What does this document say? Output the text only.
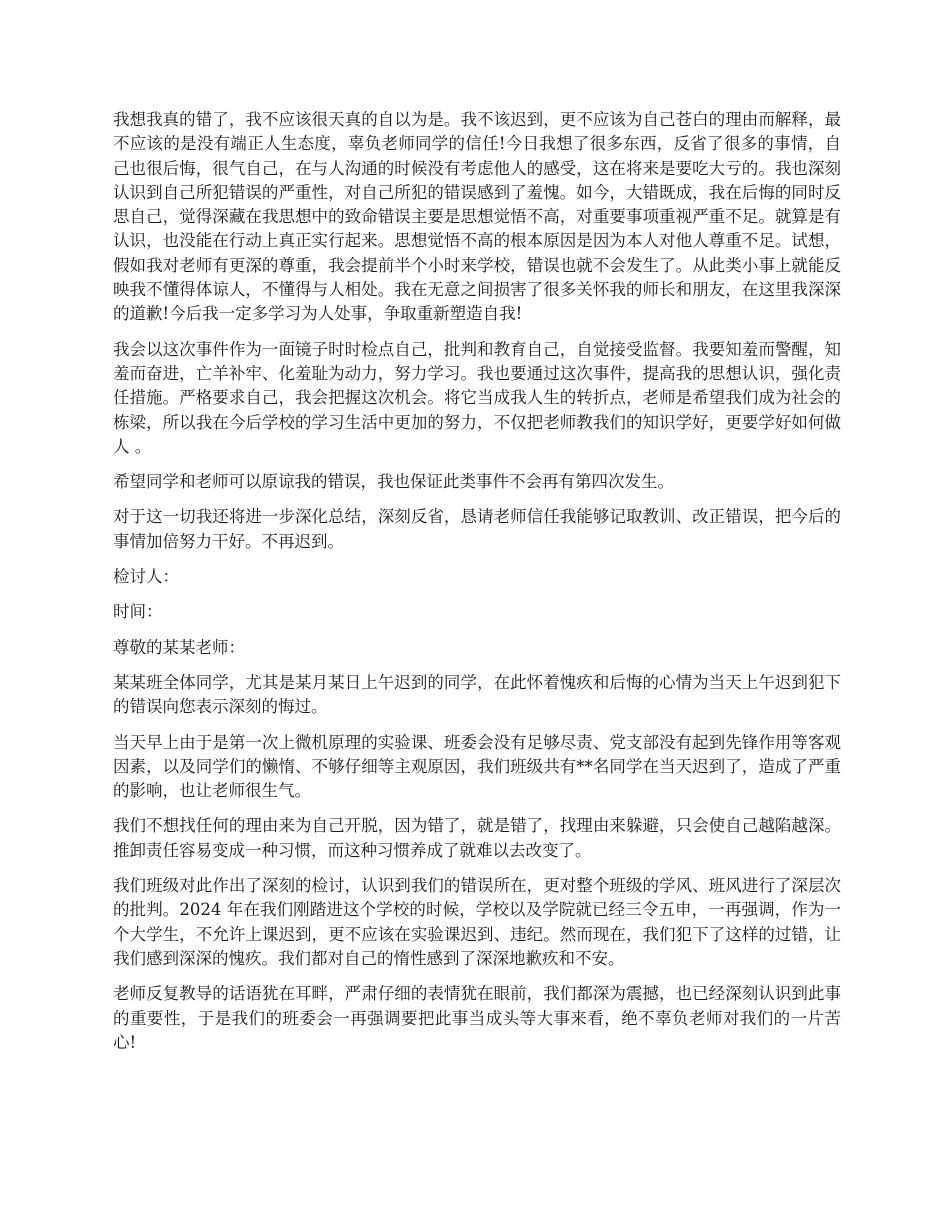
我想我真的错了，我不应该很天真的自以为是。我不该迟到，更不应该为自己苍白的理由而解释，最不应该的是没有端正人生态度，辜负老师同学的信任!今日我想了很多东西，反省了很多的事情，自己也很后悔，很气自己，在与人沟通的时候没有考虑他人的感受，这在将来是要吃大亏的。我也深刻认识到自己所犯错误的严重性，对自己所犯的错误感到了羞愧。如今，大错既成，我在后悔的同时反思自己，觉得深藏在我思想中的致命错误主要是思想觉悟不高，对重要事项重视严重不足。就算是有认识，也没能在行动上真正实行起来。思想觉悟不高的根本原因是因为本人对他人尊重不足。试想，假如我对老师有更深的尊重，我会提前半个小时来学校，错误也就不会发生了。从此类小事上就能反映我不懂得体谅人，不懂得与人相处。我在无意之间损害了很多关怀我的师长和朋友，在这里我深深的道歉!今后我一定多学习为人处事，争取重新塑造自我!

我会以这次事件作为一面镜子时时检点自己，批判和教育自己，自觉接受监督。我要知羞而警醒，知羞而奋进，亡羊补牢、化羞耻为动力，努力学习。我也要通过这次事件，提高我的思想认识，强化责任措施。严格要求自己，我会把握这次机会。将它当成我人生的转折点，老师是希望我们成为社会的栋梁，所以我在今后学校的学习生活中更加的努力，不仅把老师教我们的知识学好，更要学好如何做人 。

希望同学和老师可以原谅我的错误，我也保证此类事件不会再有第四次发生。

对于这一切我还将进一步深化总结，深刻反省，恳请老师信任我能够记取教训、改正错误，把今后的事情加倍努力干好。不再迟到。

检讨人：

时间：

尊敬的某某老师：

某某班全体同学，尤其是某月某日上午迟到的同学，在此怀着愧疚和后悔的心情为当天上午迟到犯下的错误向您表示深刻的悔过。

当天早上由于是第一次上微机原理的实验课、班委会没有足够尽责、党支部没有起到先锋作用等客观因素，以及同学们的懒惰、不够仔细等主观原因，我们班级共有**名同学在当天迟到了，造成了严重的影响，也让老师很生气。

我们不想找任何的理由来为自己开脱，因为错了，就是错了，找理由来躲避，只会使自己越陷越深。推卸责任容易变成一种习惯，而这种习惯养成了就难以去改变了。

我们班级对此作出了深刻的检讨，认识到我们的错误所在，更对整个班级的学风、班风进行了深层次的批判。2024 年在我们刚踏进这个学校的时候，学校以及学院就已经三令五申，一再强调，作为一个大学生，不允许上课迟到，更不应该在实验课迟到、违纪。然而现在，我们犯下了这样的过错，让我们感到深深的愧疚。我们都对自己的惰性感到了深深地歉疚和不安。

老师反复教导的话语犹在耳畔，严肃仔细的表情犹在眼前，我们都深为震撼，也已经深刻认识到此事的重要性，于是我们的班委会一再强调要把此事当成头等大事来看，绝不辜负老师对我们的一片苦心!
